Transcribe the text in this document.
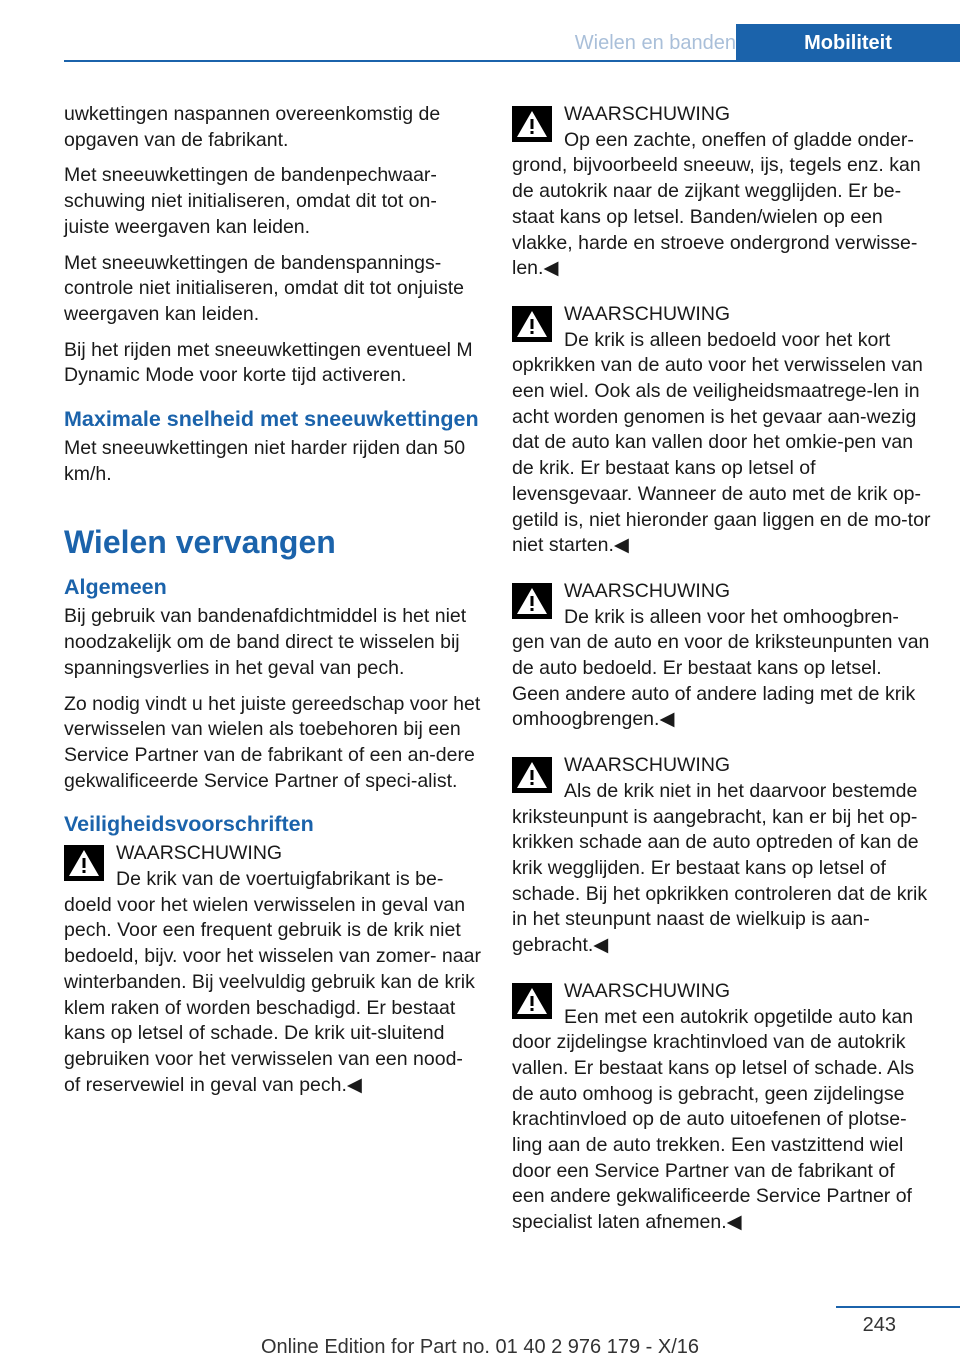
Wielen en banden	Mobiliteit

uwkettingen naspannen overeenkomstig de opgaven van de fabrikant.

Met sneeuwkettingen de bandenpechwaar‐schuwing niet initialiseren, omdat dit tot on‐juiste weergaven kan leiden.

Met sneeuwkettingen de bandenspannings‐controle niet initialiseren, omdat dit tot onjuiste weergaven kan leiden.

Bij het rijden met sneeuwkettingen eventueel M Dynamic Mode voor korte tijd activeren.

Maximale snelheid met sneeuwkettingen

Met sneeuwkettingen niet harder rijden dan 50 km/h.

Wielen vervangen
Algemeen

Bij gebruik van bandenafdichtmiddel is het niet noodzakelijk om de band direct te wisselen bij spanningsverlies in het geval van pech.

Zo nodig vindt u het juiste gereedschap voor het verwisselen van wielen als toebehoren bij een Service Partner van de fabrikant of een an‐dere gekwalificeerde Service Partner of speci‐alist.

Veiligheidsvoorschriften
WAARSCHUWING
De krik van de voertuigfabrikant is be‐

doeld voor het wielen verwisselen in geval van pech. Voor een frequent gebruik is de krik niet bedoeld, bijv. voor het wisselen van zomer- naar winterbanden. Bij veelvuldig gebruik kan de krik klem raken of worden beschadigd. Er bestaat kans op letsel of schade. De krik uit‐sluitend gebruiken voor het verwisselen van een nood- of reservewiel in geval van pech.◀

WAARSCHUWING
Op een zachte, oneffen of gladde onder‐

grond, bijvoorbeeld sneeuw, ijs, tegels enz. kan de autokrik naar de zijkant wegglijden. Er be‐staat kans op letsel. Banden/wielen op een vlakke, harde en stroeve ondergrond verwisse‐len.◀

WAARSCHUWING
De krik is alleen bedoeld voor het kort

opkrikken van de auto voor het verwisselen van een wiel. Ook als de veiligheidsmaatrege‐len in acht worden genomen is het gevaar aan‐wezig dat de auto kan vallen door het omkie‐pen van de krik. Er bestaat kans op letsel of levensgevaar. Wanneer de auto met de krik op‐getild is, niet hieronder gaan liggen en de mo‐tor niet starten.◀

WAARSCHUWING
De krik is alleen voor het omhoogbren‐

gen van de auto en voor de kriksteunpunten van de auto bedoeld. Er bestaat kans op letsel. Geen andere auto of andere lading met de krik omhoogbrengen.◀

WAARSCHUWING
Als de krik niet in het daarvoor bestemde

kriksteunpunt is aangebracht, kan er bij het op‐krikken schade aan de auto optreden of kan de krik wegglijden. Er bestaat kans op letsel of schade. Bij het opkrikken controleren dat de krik in het steunpunt naast de wielkuip is aan‐gebracht.◀

WAARSCHUWING
Een met een autokrik opgetilde auto kan

door zijdelingse krachtinvloed van de autokrik vallen. Er bestaat kans op letsel of schade. Als de auto omhoog is gebracht, geen zijdelingse krachtinvloed op de auto uitoefenen of plotse‐ling aan de auto trekken. Een vastzittend wiel door een Service Partner van de fabrikant of een andere gekwalificeerde Service Partner of specialist laten afnemen.◀

243
Online Edition for Part no. 01 40 2 976 179 - X/16
